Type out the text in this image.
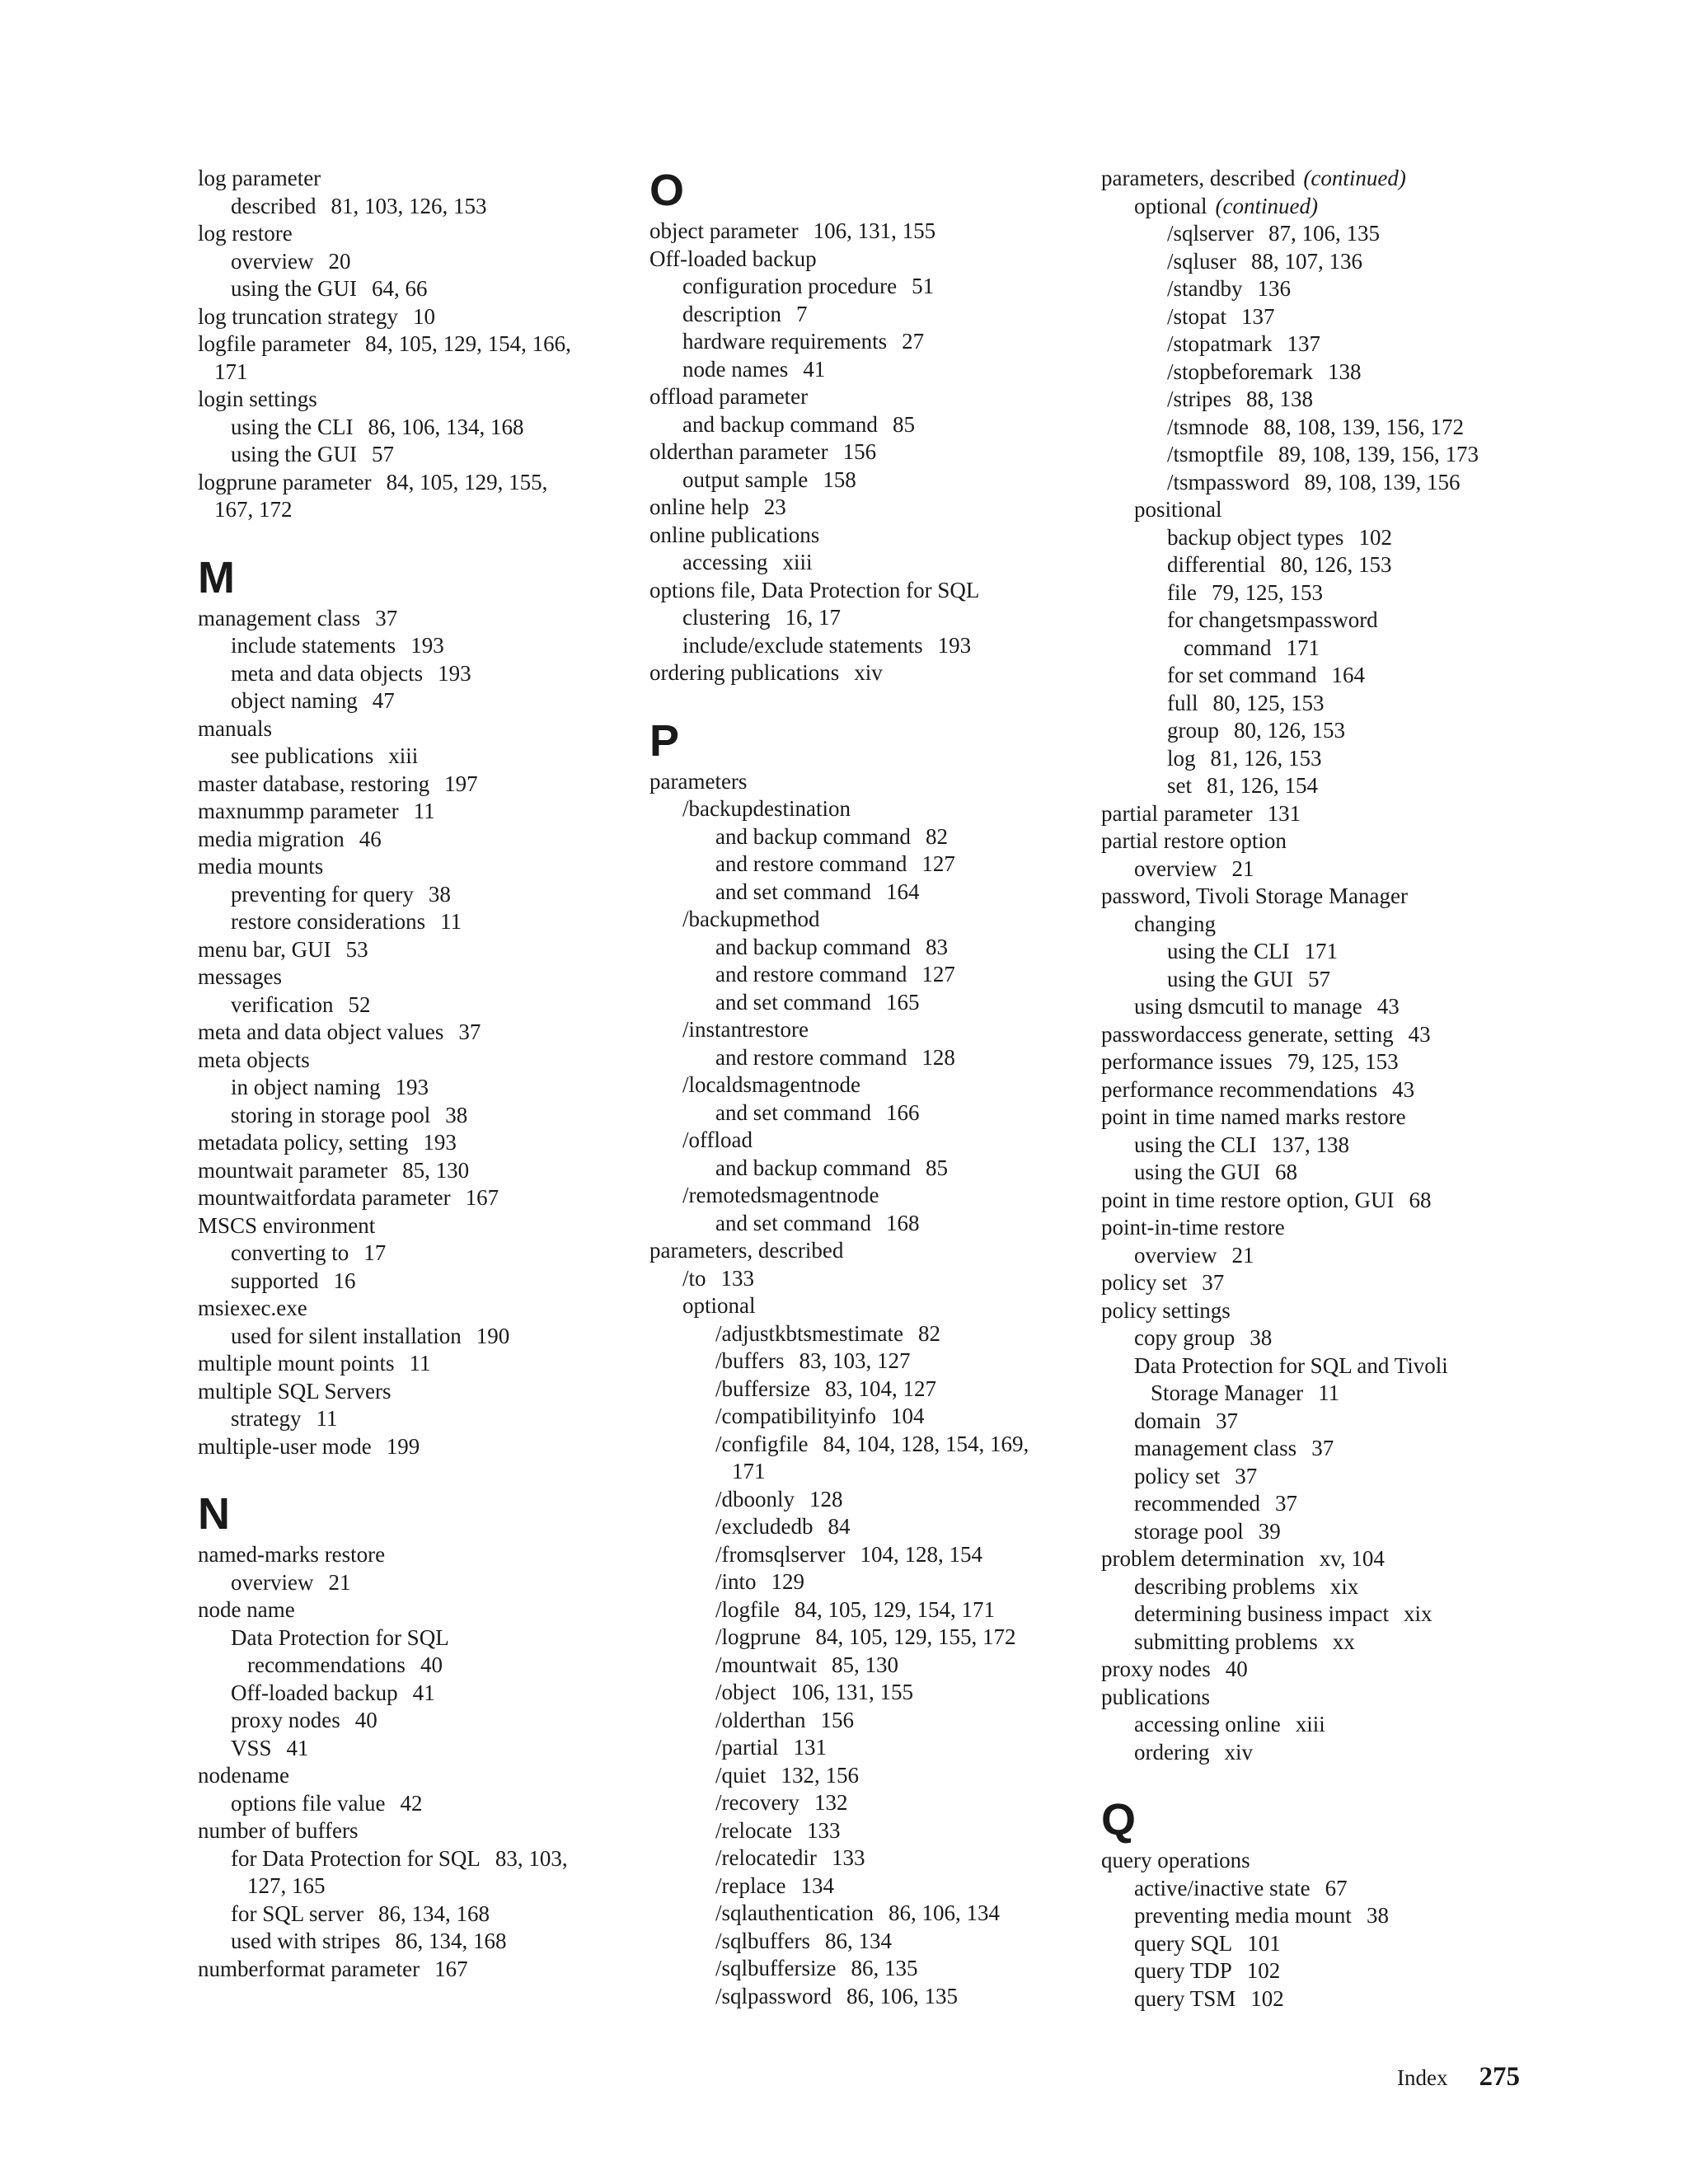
log parameter
described 81, 103, 126, 153
log restore
overview 20
using the GUI 64, 66
log truncation strategy 10
logfile parameter 84, 105, 129, 154, 166,
171
login settings
using the CLI 86, 106, 134, 168
using the GUI 57
logprune parameter 84, 105, 129, 155,
167, 172
M
management class 37
include statements 193
meta and data objects 193
object naming 47
manuals
see publications xiii
master database, restoring 197
maxnummp parameter 11
media migration 46
media mounts
preventing for query 38
restore considerations 11
menu bar, GUI 53
messages
verification 52
meta and data object values 37
meta objects
in object naming 193
storing in storage pool 38
metadata policy, setting 193
mountwait parameter 85, 130
mountwaitfordata parameter 167
MSCS environment
converting to 17
supported 16
msiexec.exe
used for silent installation 190
multiple mount points 11
multiple SQL Servers
strategy 11
multiple-user mode 199
N
named-marks restore
overview 21
node name
Data Protection for SQL
recommendations 40
Off-loaded backup 41
proxy nodes 40
VSS 41
nodename
options file value 42
number of buffers
for Data Protection for SQL 83, 103,
127, 165
for SQL server 86, 134, 168
used with stripes 86, 134, 168
numberformat parameter 167
O
object parameter 106, 131, 155
Off-loaded backup
configuration procedure 51
description 7
hardware requirements 27
node names 41
offload parameter
and backup command 85
olderthan parameter 156
output sample 158
online help 23
online publications
accessing xiii
options file, Data Protection for SQL
clustering 16, 17
include/exclude statements 193
ordering publications xiv
P
parameters
/backupdestination
and backup command 82
and restore command 127
and set command 164
/backupmethod
and backup command 83
and restore command 127
and set command 165
/instantrestore
and restore command 128
/localdsmagentnode
and set command 166
/offload
and backup command 85
/remotedsmagentnode
and set command 168
parameters, described
/to 133
optional
/adjustkbtsmestimate 82
/buffers 83, 103, 127
/buffersize 83, 104, 127
/compatibilityinfo 104
/configfile 84, 104, 128, 154, 169,
171
/dboonly 128
/excludedb 84
/fromsqlserver 104, 128, 154
/into 129
/logfile 84, 105, 129, 154, 171
/logprune 84, 105, 129, 155, 172
/mountwait 85, 130
/object 106, 131, 155
/olderthan 156
/partial 131
/quiet 132, 156
/recovery 132
/relocate 133
/relocatedir 133
/replace 134
/sqlauthentication 86, 106, 134
/sqlbuffers 86, 134
/sqlbuffersize 86, 135
/sqlpassword 86, 106, 135
parameters, described (continued)
optional (continued)
/sqlserver 87, 106, 135
/sqluser 88, 107, 136
/standby 136
/stopat 137
/stopatmark 137
/stopbeforemark 138
/stripes 88, 138
/tsmnode 88, 108, 139, 156, 172
/tsmoptfile 89, 108, 139, 156, 173
/tsmpassword 89, 108, 139, 156
positional
backup object types 102
differential 80, 126, 153
file 79, 125, 153
for changetsmpassword
command 171
for set command 164
full 80, 125, 153
group 80, 126, 153
log 81, 126, 153
set 81, 126, 154
partial parameter 131
partial restore option
overview 21
password, Tivoli Storage Manager
changing
using the CLI 171
using the GUI 57
using dsmcutil to manage 43
passwordaccess generate, setting 43
performance issues 79, 125, 153
performance recommendations 43
point in time named marks restore
using the CLI 137, 138
using the GUI 68
point in time restore option, GUI 68
point-in-time restore
overview 21
policy set 37
policy settings
copy group 38
Data Protection for SQL and Tivoli
Storage Manager 11
domain 37
management class 37
policy set 37
recommended 37
storage pool 39
problem determination xv, 104
describing problems xix
determining business impact xix
submitting problems xx
proxy nodes 40
publications
accessing online xiii
ordering xiv
Q
query operations
active/inactive state 67
preventing media mount 38
query SQL 101
query TDP 102
query TSM 102
Index 275
